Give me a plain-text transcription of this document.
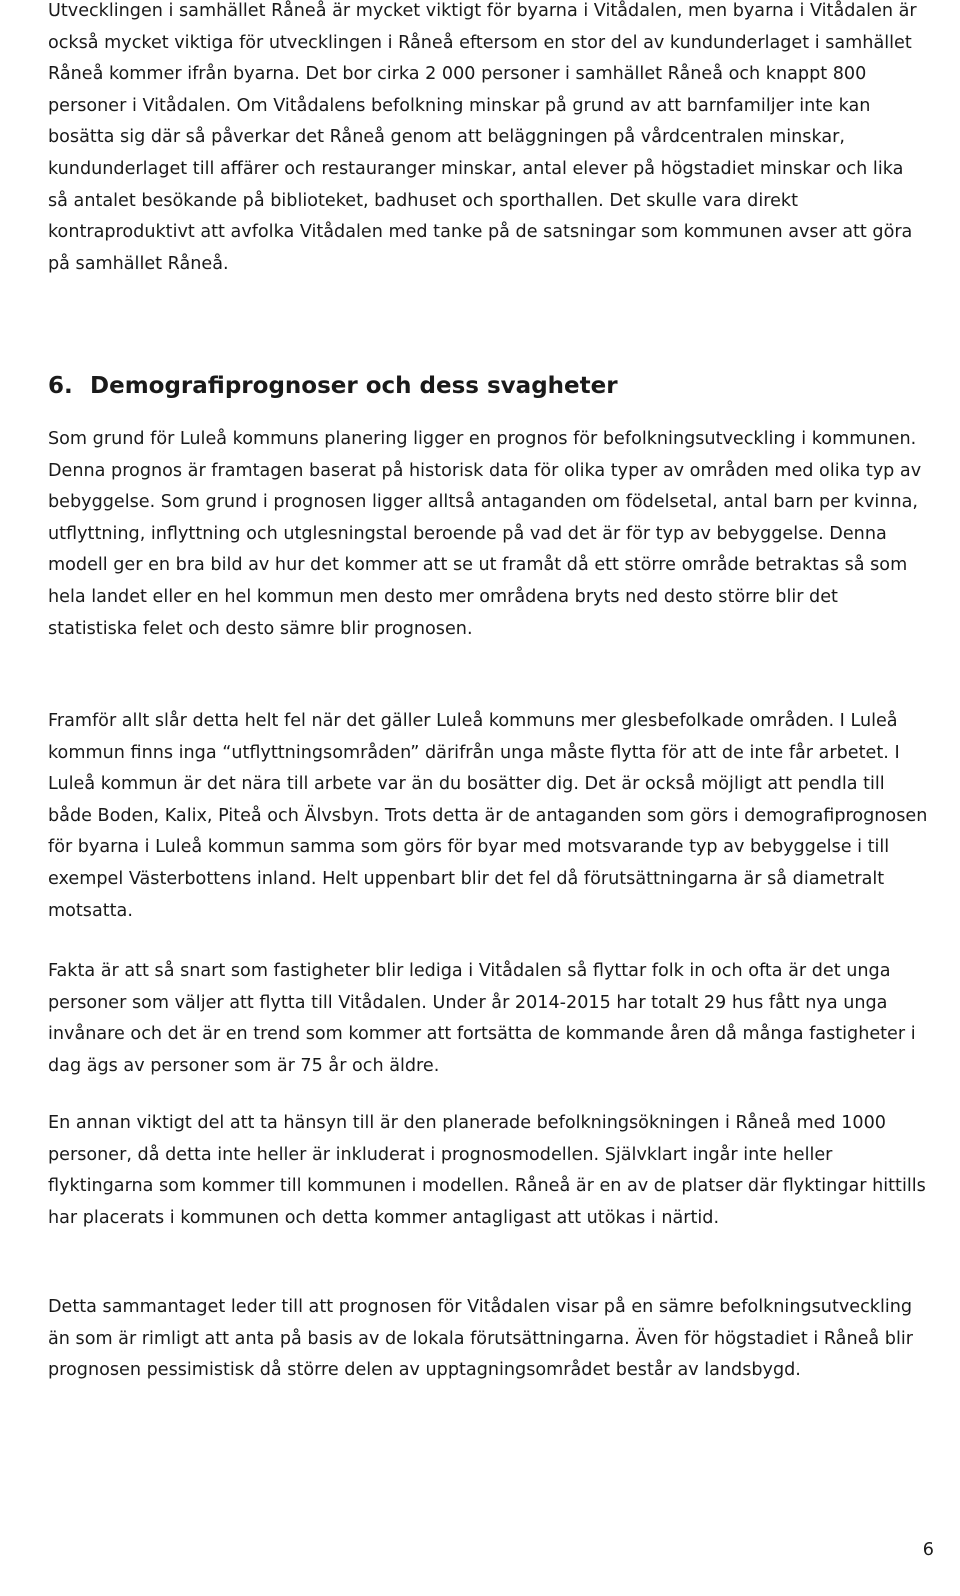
Utvecklingen i samhället Råneå är mycket viktigt för byarna i Vitådalen, men byarna i Vitådalen är också mycket viktiga för utvecklingen i Råneå eftersom en stor del av kundunderlaget i samhället Råneå kommer ifrån byarna. Det bor cirka 2 000 personer i samhället Råneå och knappt 800 personer i Vitådalen. Om Vitådalens befolkning minskar på grund av att barnfamiljer inte kan bosätta sig där så påverkar det Råneå genom att beläggningen på vårdcentralen minskar, kundunderlaget till affärer och restauranger minskar, antal elever på högstadiet minskar och lika så antalet besökande på biblioteket, badhuset och sporthallen. Det skulle vara direkt kontraproduktivt att avfolka Vitådalen med tanke på de satsningar som kommunen avser att göra på samhället Råneå.

6. Demografiprognoser och dess svagheter

Som grund för Luleå kommuns planering ligger en prognos för befolkningsutveckling i kommunen. Denna prognos är framtagen baserat på historisk data för olika typer av områden med olika typ av bebyggelse. Som grund i prognosen ligger alltså antaganden om födelsetal, antal barn per kvinna, utflyttning, inflyttning och utglesningstal beroende på vad det är för typ av bebyggelse. Denna modell ger en bra bild av hur det kommer att se ut framåt då ett större område betraktas så som hela landet eller en hel kommun men desto mer områdena bryts ned desto större blir det statistiska felet och desto sämre blir prognosen.

Framför allt slår detta helt fel när det gäller Luleå kommuns mer glesbefolkade områden. I Luleå kommun finns inga “utflyttningsområden” därifrån unga måste flytta för att de inte får arbetet. I Luleå kommun är det nära till arbete var än du bosätter dig. Det är också möjligt att pendla till både Boden, Kalix, Piteå och Älvsbyn. Trots detta är de antaganden som görs i demografiprognosen för byarna i Luleå kommun samma som görs för byar med motsvarande typ av bebyggelse i till exempel Västerbottens inland. Helt uppenbart blir det fel då förutsättningarna är så diametralt motsatta.

Fakta är att så snart som fastigheter blir lediga i Vitådalen så flyttar folk in och ofta är det unga personer som väljer att flytta till Vitådalen. Under år 2014-2015 har totalt 29 hus fått nya unga invånare och det är en trend som kommer att fortsätta de kommande åren då många fastigheter i dag ägs av personer som är 75 år och äldre.

En annan viktigt del att ta hänsyn till är den planerade befolkningsökningen i Råneå med 1000 personer, då detta inte heller är inkluderat i prognosmodellen. Självklart ingår inte heller flyktingarna som kommer till kommunen i modellen. Råneå är en av de platser där flyktingar hittills har placerats i kommunen och detta kommer antagligast att utökas i närtid.

Detta sammantaget leder till att prognosen för Vitådalen visar på en sämre befolkningsutveckling än som är rimligt att anta på basis av de lokala förutsättningarna. Även för högstadiet i Råneå blir prognosen pessimistisk då större delen av upptagningsområdet består av landsbygd.

6
